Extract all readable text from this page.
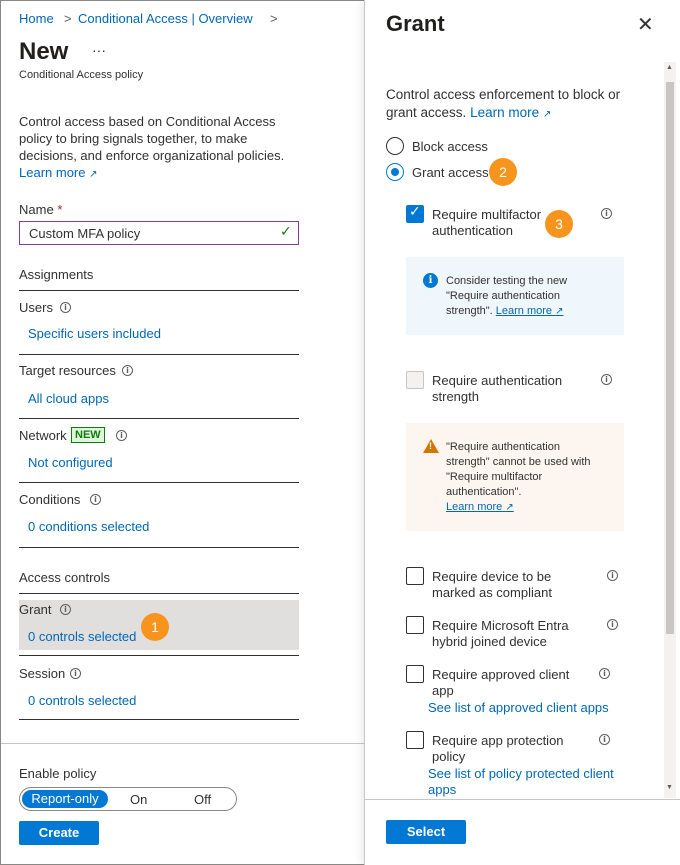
Home > Conditional Access | Overview >
New ···
Conditional Access policy
Control access based on Conditional Access
policy to bring signals together, to make
decisions, and enforce organizational policies.
Learn more ↗
Name *
Custom MFA policy	✓
Assignments
Users	i
Specific users included
Target resources	i
All cloud apps
Network NEW	i
Not configured
Conditions	i
0 conditions selected
Access controls
Grant	i
0 controls selected
1
Session	i
0 controls selected
Enable policy
Report-only	On	Off
Create
Grant	✕
Control access enforcement to block or
grant access. Learn more ↗
Block access
Grant access 2
✓ Require multifactor
authentication	3
i
i	Consider testing the new
"Require authentication
strength". Learn more ↗
Require authentication
strength
i
! "Require authentication
strength" cannot be used with
"Require multifactor
authentication".
Learn more ↗
Require device to be
marked as compliant
i
Require Microsoft Entra
hybrid joined device
i
Require approved client
app
i
See list of approved client apps
Require app protection
policy
i
See list of policy protected client
apps
▲
▼
Select
